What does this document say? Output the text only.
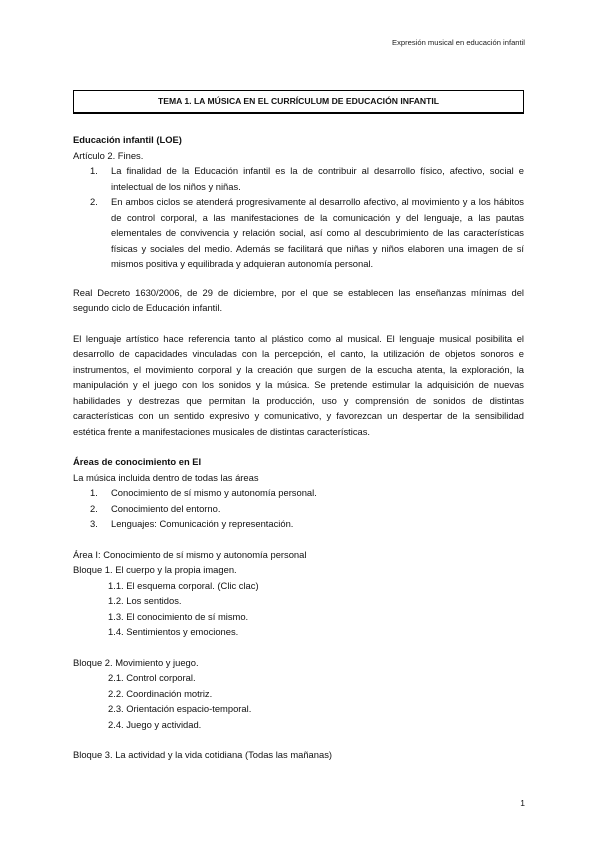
Expresión musical en educación infantil
TEMA 1. LA MÚSICA EN EL CURRÍCULUM DE EDUCACIÓN INFANTIL

Educación infantil (LOE)

Artículo 2. Fines.

1. La finalidad de la Educación infantil es la de contribuir al desarrollo físico, afectivo, social e intelectual de los niños y niñas.
2. En ambos ciclos se atenderá progresivamente al desarrollo afectivo, al movimiento y a los hábitos de control corporal, a las manifestaciones de la comunicación y del lenguaje, a las pautas elementales de convivencia y relación social, así como al descubrimiento de las características físicas y sociales del medio. Además se facilitará que niñas y niños elaboren una imagen de sí mismos positiva y equilibrada y adquieran autonomía personal.

Real Decreto 1630/2006, de 29 de diciembre, por el que se establecen las enseñanzas mínimas del segundo ciclo de Educación infantil.

El lenguaje artístico hace referencia tanto al plástico como al musical. El lenguaje musical posibilita el desarrollo de capacidades vinculadas con la percepción, el canto, la utilización de objetos sonoros e instrumentos, el movimiento corporal y la creación que surgen de la escucha atenta, la exploración, la manipulación y el juego con los sonidos y la música. Se pretende estimular la adquisición de nuevas habilidades y destrezas que permitan la producción, uso y comprensión de sonidos de distintas características con un sentido expresivo y comunicativo, y favorezcan un despertar de la sensibilidad estética frente a manifestaciones musicales de distintas características.

Áreas de conocimiento en EI

La música incluida dentro de todas las áreas

1. Conocimiento de sí mismo y autonomía personal.
2. Conocimiento del entorno.
3. Lenguajes: Comunicación y representación.

Área I: Conocimiento de sí mismo y autonomía personal

Bloque 1. El cuerpo y la propia imagen.

1.1. El esquema corporal. (Clic clac)

1.2. Los sentidos.

1.3. El conocimiento de sí mismo.

1.4. Sentimientos y emociones.

Bloque 2. Movimiento y juego.

2.1. Control corporal.

2.2. Coordinación motriz.

2.3. Orientación espacio-temporal.

2.4. Juego y actividad.

Bloque 3. La actividad y la vida cotidiana (Todas las mañanas)

1
